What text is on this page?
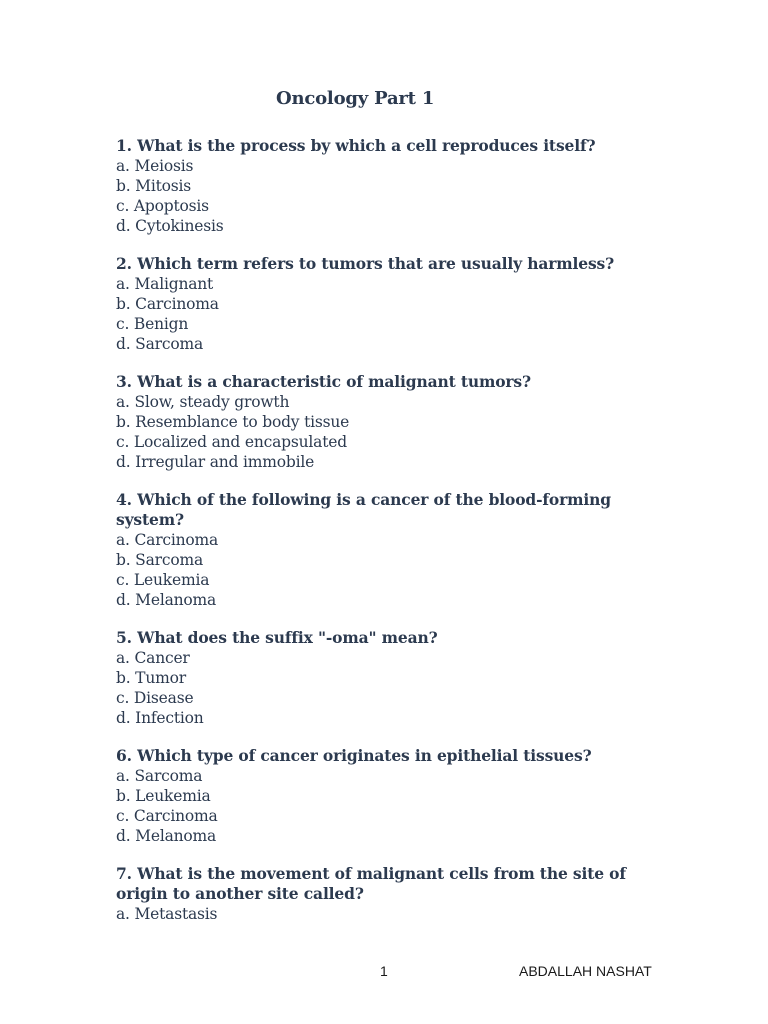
Oncology Part 1
1. What is the process by which a cell reproduces itself?
a. Meiosis
b. Mitosis
c. Apoptosis
d. Cytokinesis
2. Which term refers to tumors that are usually harmless?
a. Malignant
b. Carcinoma
c. Benign
d. Sarcoma
3. What is a characteristic of malignant tumors?
a. Slow, steady growth
b. Resemblance to body tissue
c. Localized and encapsulated
d. Irregular and immobile
4. Which of the following is a cancer of the blood-forming system?
a. Carcinoma
b. Sarcoma
c. Leukemia
d. Melanoma
5. What does the suffix "-oma" mean?
a. Cancer
b. Tumor
c. Disease
d. Infection
6. Which type of cancer originates in epithelial tissues?
a. Sarcoma
b. Leukemia
c. Carcinoma
d. Melanoma
7. What is the movement of malignant cells from the site of origin to another site called?
a. Metastasis
1	ABDALLAH NASHAT
